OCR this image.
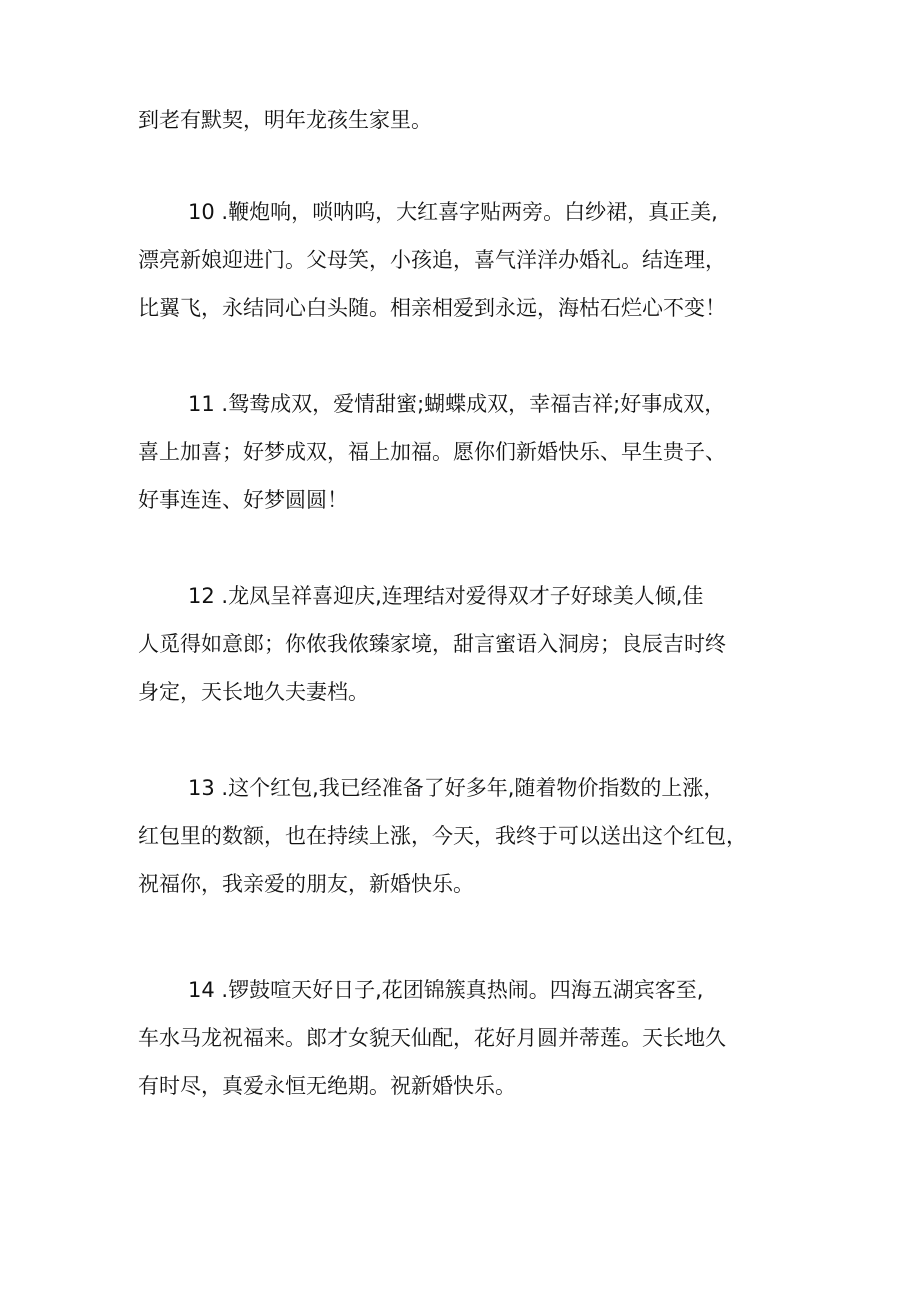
到老有默契，明年龙孩生家里。

10 .鞭炮响，唢呐呜，大红喜字贴两旁。白纱裙，真正美,
漂亮新娘迎进门。父母笑，小孩追，喜气洋洋办婚礼。结连理，
比翼飞，永结同心白头随。相亲相爱到永远，海枯石烂心不变！

11 .鸳鸯成双，爱情甜蜜;蝴蝶成双，幸福吉祥;好事成双，
喜上加喜；好梦成双，福上加福。愿你们新婚快乐、早生贵子、
好事连连、好梦圆圆！

12 .龙凤呈祥喜迎庆,连理结对爱得双才子好球美人倾,佳
人觅得如意郎；你侬我侬臻家境，甜言蜜语入洞房；良辰吉时终
身定，天长地久夫妻档。

13 .这个红包,我已经准备了好多年,随着物价指数的上涨，
红包里的数额，也在持续上涨，今天，我终于可以送出这个红包，
祝福你，我亲爱的朋友，新婚快乐。

14 .锣鼓喧天好日子,花团锦簇真热闹。四海五湖宾客至,
车水马龙祝福来。郎才女貌天仙配，花好月圆并蒂莲。天长地久
有时尽，真爱永恒无绝期。祝新婚快乐。
